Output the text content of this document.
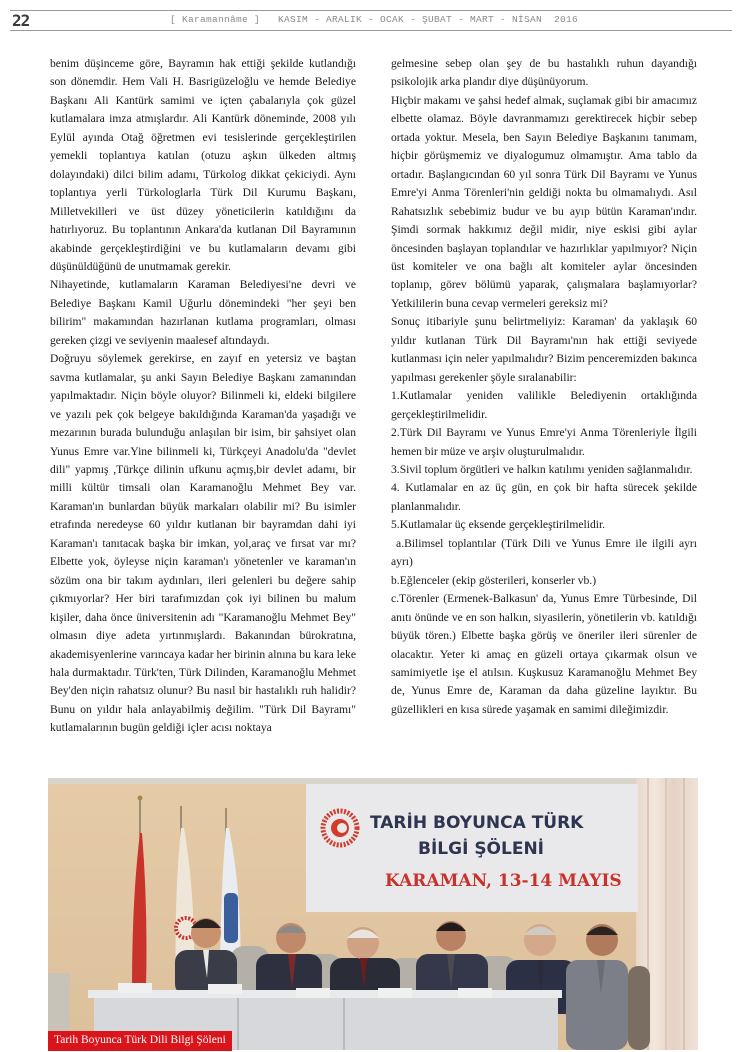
22	[ Karamannâme ]   KASIM - ARALIK - OCAK - ŞUBAT - MART - NİSAN  2016

benim düşinceme göre, Bayramın hak ettiği şekilde kutlandığı son dönemdir. Hem Vali H. Basrigüzeloğlu ve hemde Belediye Başkanı Ali Kantürk samimi ve içten çabalarıyla çok güzel kutlamalara imza atmışlardır. Ali Kantürk döneminde, 2008 yılı Eylül ayında Otağ öğretmen evi tesislerinde gerçekleştirilen yemekli toplantıya katılan (otuzu aşkın ülkeden altmış dolayındaki) dilci bilim adamı, Türkolog dikkat çekiciydi. Aynı toplantıya yerli Türkologlarla Türk Dil Kurumu Başkanı, Milletvekilleri ve üst düzey yöneticilerin katıldığını da hatırlıyoruz. Bu toplantının Ankara'da kutlanan Dil Bayramının akabinde gerçekleştirdiğini ve bu kutlamaların devamı gibi düşünüldüğünü de unutmamak gerekir.

Nihayetinde, kutlamaların Karaman Belediyesi'ne devri ve Belediye Başkanı Kamil Uğurlu dönemindeki "her şeyi ben bilirim" makamından hazırlanan kutlama programları, olması gereken çizgi ve seviyenin maalesef altındaydı.

Doğruyu söylemek gerekirse, en zayıf en yetersiz ve baştan savma kutlamalar, şu anki Sayın Belediye Başkanı zamanından yapılmaktadır. Niçin böyle oluyor? Bilinmeli ki, eldeki bilgilere ve yazılı pek çok belgeye bakıldığında Karaman'da yaşadığı ve mezarının burada bulunduğu anlaşılan bir isim, bir şahsiyet olan Yunus Emre var.Yine bilinmeli ki, Türkçeyi Anadolu'da "devlet dili" yapmış ,Türkçe dilinin ufkunu açmış,bir devlet adamı, bir milli kültür timsali olan Karamanoğlu Mehmet Bey var. Karaman'ın bunlardan büyük markaları olabilir mi? Bu isimler etrafında neredeyse 60 yıldır kutlanan bir bayramdan dahi iyi Karaman'ı tanıtacak başka bir imkan, yol,araç ve fırsat var mı? Elbette yok, öyleyse niçin karaman'ı yönetenler ve karaman'ın sözüm ona bir takım aydınları, ileri gelenleri bu değere sahip çıkmıyorlar? Her biri tarafımızdan çok iyi bilinen bu malum kişiler, daha önce üniversitenin adı "Karamanoğlu Mehmet Bey" olmasın diye adeta yırtınmışlardı. Bakanından bürokratına, akademisyenlerine varıncaya kadar her birinin alnına bu kara leke hala durmaktadır. Türk'ten, Türk Dilinden, Karamanoğlu Mehmet Bey'den niçin rahatsız olunur? Bu nasıl bir hastalıklı ruh halidir? Bunu on yıldır hala anlayabilmiş değilim. "Türk Dil Bayramı" kutlamalarının bugün geldiği içler acısı noktaya

gelmesine sebep olan şey de bu hastalıklı ruhun dayandığı psikolojik arka plandır diye düşünüyorum.

Hiçbir makamı ve şahsi hedef almak, suçlamak gibi bir amacımız elbette olamaz. Böyle davranmamızı gerektirecek hiçbir sebep ortada yoktur. Mesela, ben Sayın Belediye Başkanını tanımam, hiçbir görüşmemiz ve diyalogumuz olmamıştır. Ama tablo da ortadır. Başlangıcından 60 yıl sonra Türk Dil Bayramı ve Yunus Emre'yi Anma Törenleri'nin geldiği nokta bu olmamalıydı. Asıl Rahatsızlık sebebimiz budur ve bu ayıp bütün Karaman'ındır. Şimdi sormak hakkımız değil midir, niye eskisi gibi aylar öncesinden başlayan toplandılar ve hazırlıklar yapılmıyor? Niçin üst komiteler ve ona bağlı alt komiteler aylar öncesinden toplanıp, görev bölümü yaparak, çalışmalara başlamıyorlar? Yetkililerin buna cevap vermeleri gereksiz mi?

Sonuç itibariyle şunu belirtmeliyiz: Karaman' da yaklaşık 60 yıldır kutlanan Türk Dil Bayramı'nın hak ettiği seviyede kutlanması için neler yapılmalıdır? Bizim penceremizden bakınca yapılması gerekenler şöyle sıralanabilir:

1.Kutlamalar yeniden valilikle Belediyenin ortaklığında gerçekleştirilmelidir.

2.Türk Dil Bayramı ve Yunus Emre'yi Anma Törenleriyle İlgili hemen bir müze ve arşiv oluşturulmalıdır.

3.Sivil toplum örgütleri ve halkın katılımı yeniden sağlanmalıdır.

4. Kutlamalar en az üç gün, en çok bir hafta sürecek şekilde planlanmalıdır.

5.Kutlamalar üç eksende gerçekleştirilmelidir.

a.Bilimsel toplantılar (Türk Dili ve Yunus Emre ile ilgili ayrı ayrı)

b.Eğlenceler (ekip gösterileri, konserler vb.)

c.Törenler (Ermenek-Balkasun' da, Yunus Emre Türbesinde, Dil anıtı önünde ve en son halkın, siyasilerin, yönetilerin vb. katıldığı büyük tören.) Elbette başka görüş ve öneriler ileri sürenler de olacaktır. Yeter ki amaç en güzeli ortaya çıkarmak olsun ve samimiyetle işe el atılsın. Kuşkusuz Karamanoğlu Mehmet Bey de, Yunus Emre de, Karaman da daha güzeline layıktır. Bu güzellikleri en kısa sürede yaşamak en samimi dileğimizdir.

TARİH BOYUNCA TÜRK
BİLGİ ŞÖLENİ
KARAMAN, 13-14 MAYIS
Tarih Boyunca Türk Dili Bilgi Şöleni
